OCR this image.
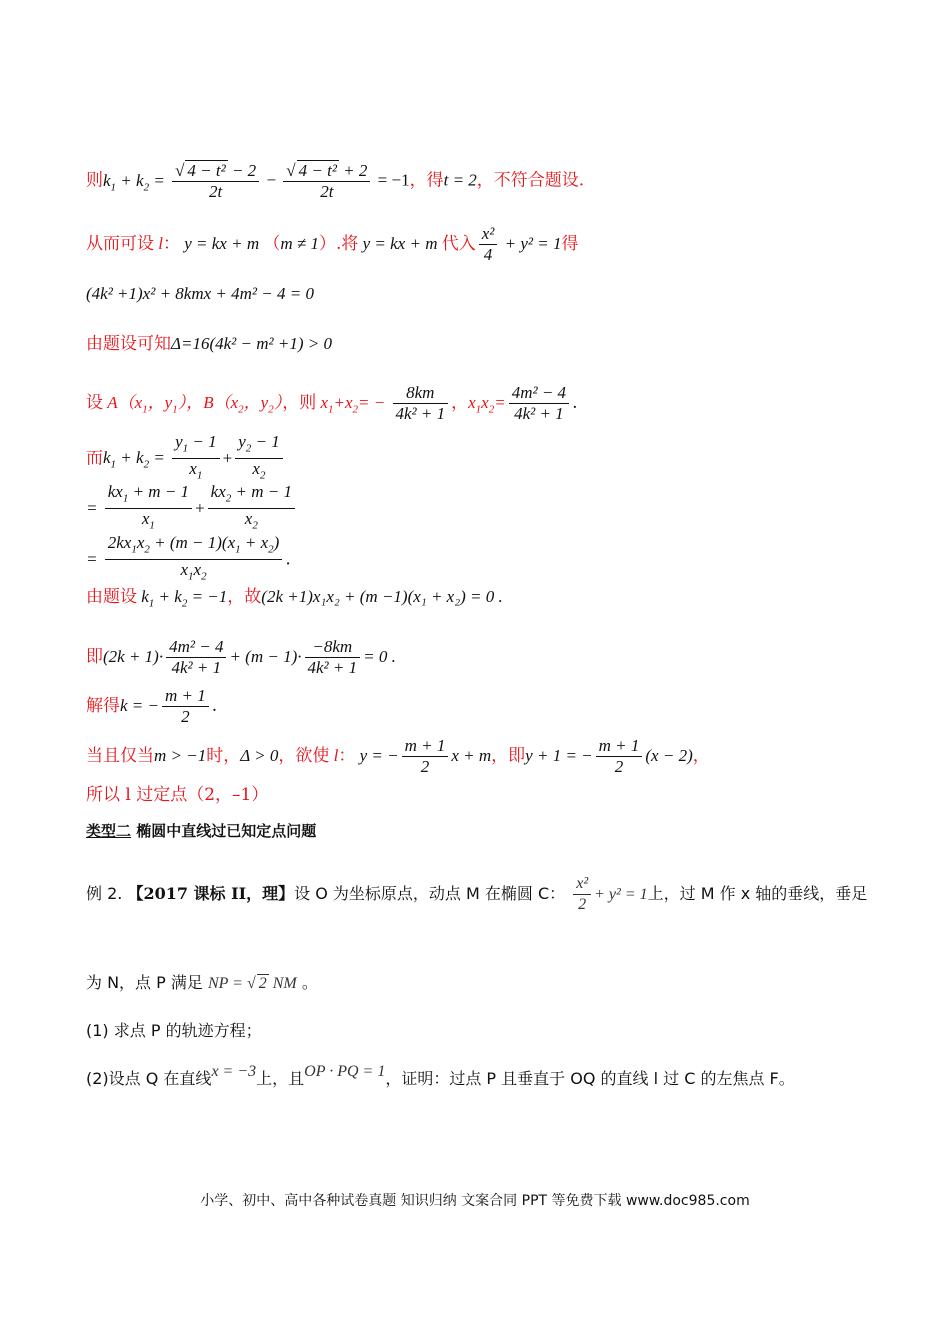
则$k_1 + k_2 = \frac{\text{√ 4 − t² − 2}}{2t} - \frac{\text{√ 4 − t² + 2}}{2t} = -1$，得t = 2，不符合题设.
从而可设 l： y = kx + m （m ≠ 1）.将 y = kx + m 代入 $\frac{\text{x²}}{4} + y^2 = 1$得
(4k² +1)x² + 8kmx + 4m² − 4 = 0
由题设可知Δ=16(4k² − m² +1) > 0
设 $A(x_1$，$y_1$），$B(x_2$，$y_2$），则 $x_1+x_2= - \frac{8km}{\text{4k² + 1}}$ ，$x_1x_2= \frac{\text{4m² − 4}}{\text{4k² + 1}}$ .
而$k_1 + k_2 = \frac{y_1 - 1}{x_1} + \frac{y_2 - 1}{x_2}$
= $\frac{kx_1 + m - 1}{x_1} + \frac{kx_2 + m - 1}{x_2}$
= $\frac{2kx_1x_2 + (m - 1)(x_1 + x_2)}{x_1x_2}$ .
由题设 $k_1 + k_2 = -1$，故(2k +1)x₁x₂ + (m −1)(x₁ + x₂) = 0 .
即$(2k + 1)\cdot \frac{\text{4m² − 4}}{\text{4k² + 1}} + (m - 1)\cdot \frac{-8km}{\text{4k² + 1}} = 0$ .
解得k = − $\frac{m + 1}{2}$ .
当且仅当m > −1时，Δ > 0，欲使 l： y = − $\frac{m + 1}{2}$ x + m，即y + 1 = − $\frac{m + 1}{2} (x - 2)$，
所以 l 过定点（2，–1）
类型二 椭圆中直线过已知定点问题
例 2. 【2017 课标 II，理】设 O 为坐标原点，动点 M 在椭圆 C： $\frac{\text{x²}}{2} + y^2 = 1$上，过 M 作 x 轴的垂线，垂足
为 N，点 P 满足 NP = √ 2 NM 。
(1) 求点 P 的轨迹方程；
(2)设点 Q 在直线x = −3上，且OP · PQ = 1，证明：过点 P 且垂直于 OQ 的直线 l 过 C 的左焦点 F。
小学、初中、高中各种试卷真题 知识归纳 文案合同 PPT 等免费下载 www.doc985.com
